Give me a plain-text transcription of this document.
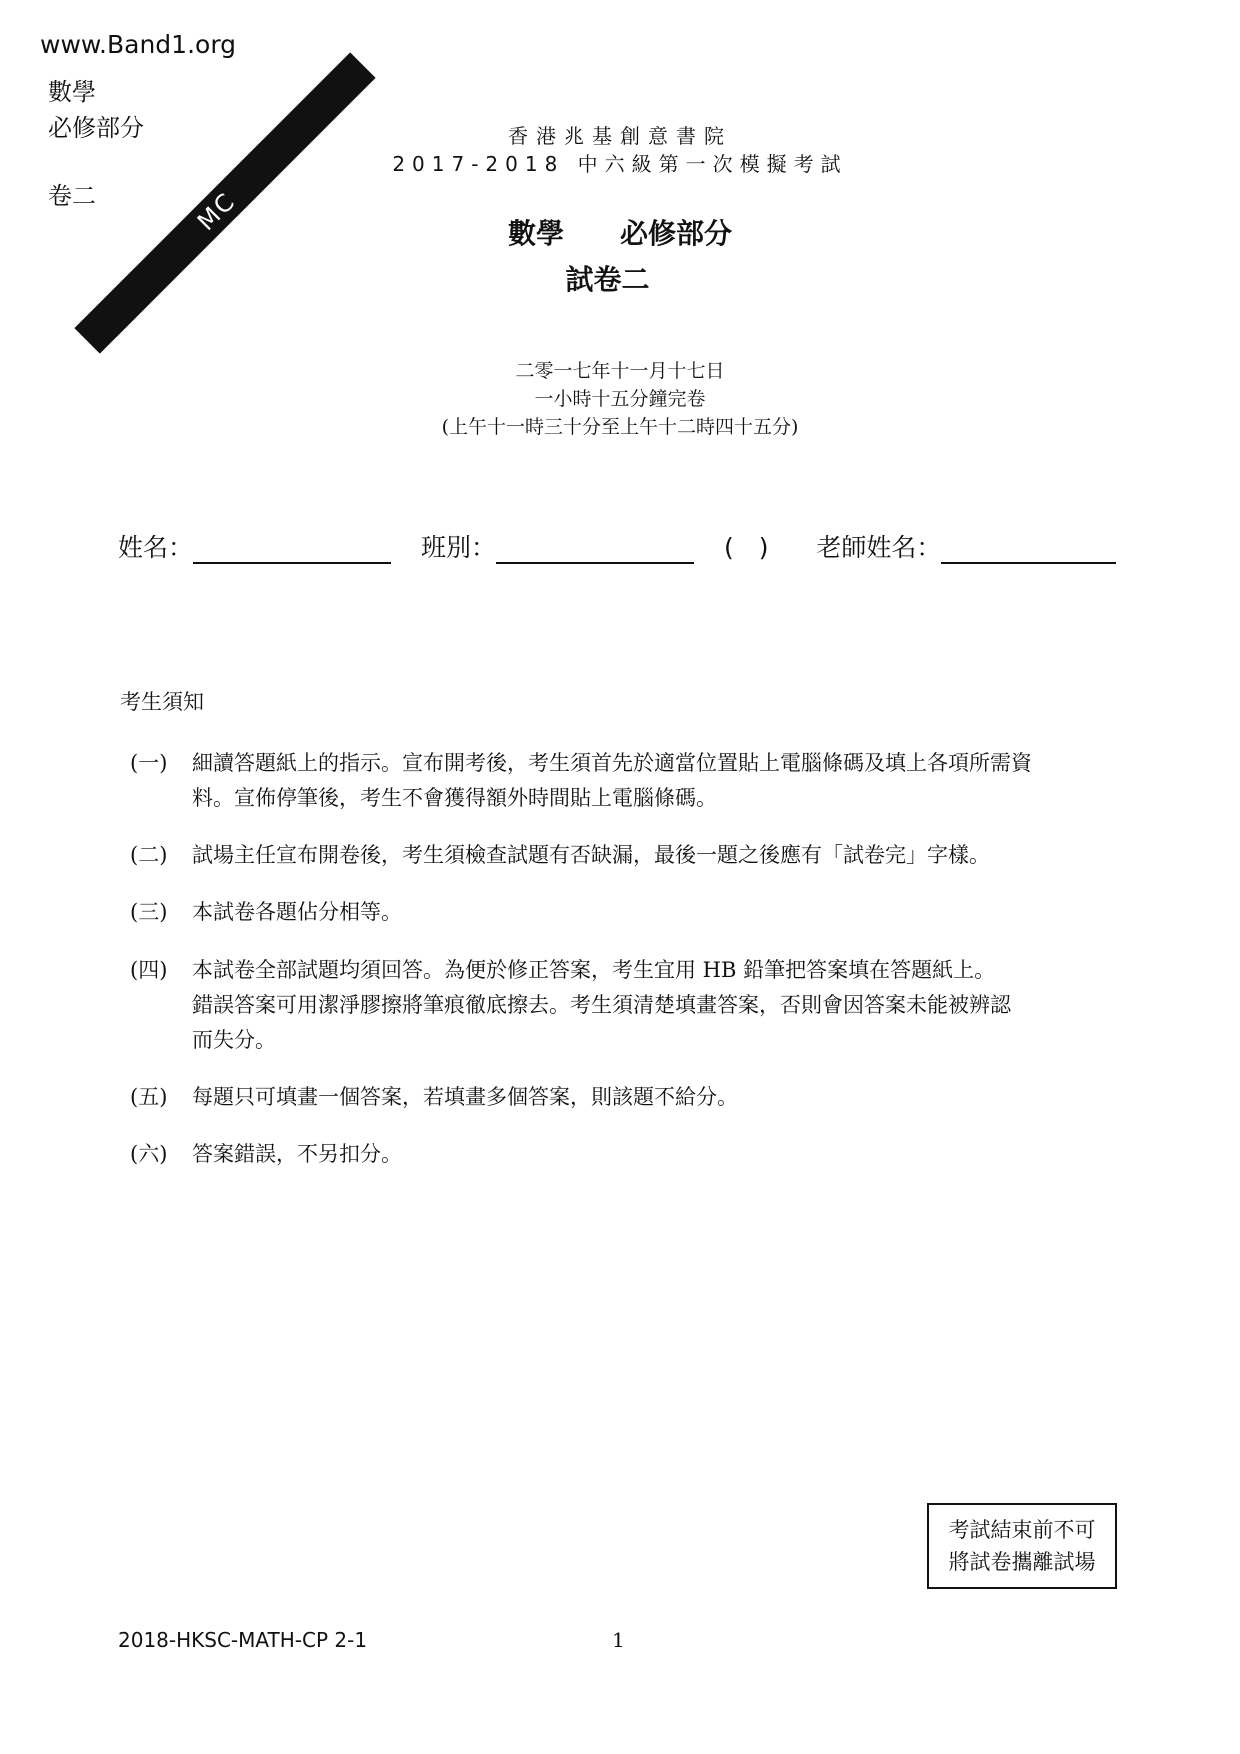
www.Band1.org
數學
必修部分
卷二	MC
香港兆基創意書院
2017-2018 中六級第一次模擬考試
數學　　必修部分
試卷二
二零一七年十一月十七日
一小時十五分鐘完卷
(上午十一時三十分至上午十二時四十五分)
姓名：	班別：	(　) 老師姓名：
考生須知
(一) 細讀答題紙上的指示。宣布開考後，考生須首先於適當位置貼上電腦條碼及填上各項所需資
料。宣佈停筆後，考生不會獲得額外時間貼上電腦條碼。
(二) 試場主任宣布開卷後，考生須檢查試題有否缺漏，最後一題之後應有「試卷完」字樣。
(三) 本試卷各題佔分相等。
(四) 本試卷全部試題均須回答。為便於修正答案，考生宜用 HB 鉛筆把答案填在答題紙上。
錯誤答案可用潔淨膠擦將筆痕徹底擦去。考生須清楚填畫答案，否則會因答案未能被辨認
而失分。
(五) 每題只可填畫一個答案，若填畫多個答案，則該題不給分。
(六) 答案錯誤，不另扣分。
考試結束前不可
將試卷攜離試場
2018-HKSC-MATH-CP 2-1	1
